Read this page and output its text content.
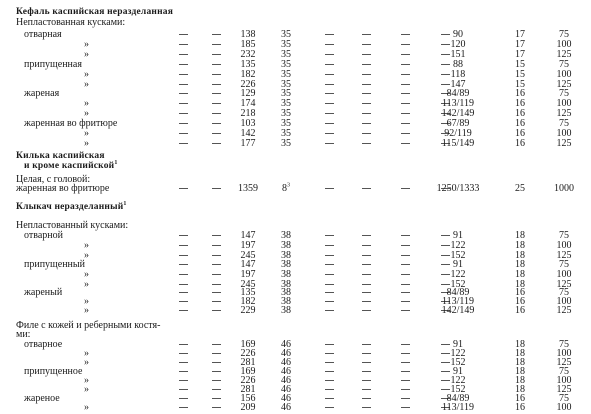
Кефаль каспийская неразделанная
Непластованная кусками:
отварная	138	35	90	17	75
»	185	35	120	17	100
»	232	35	151	17	125
припущенная	135	35	88	15	75
»	182	35	118	15	100
»	226	35	147	15	125
жареная	129	35	84/89	16	75
»	174	35	113/119	16	100
»	218	35	142/149	16	125
жаренная во фритюре	103	35	67/89	16	75
»	142	35	92/119	16	100
»	177	35	115/149	16	125
Килька каспийская
и кроме каспийской$^1$
Целая, с головой:
жаренная во фритюре	1359	$8^3$	1250/1333	25	1000
Клыкач неразделанный$^1$
Непластованный кусками:
отварной	147	38	91	18	75
»	197	38	122	18	100
»	245	38	152	18	125
припущенный	147	38	91	18	75
»	197	38	122	18	100
»	245	38	152	18	125
жареный	135	38	84/89	16	75
»	182	38	113/119	16	100
»	229	38	142/149	16	125
Филе с кожей и реберными костя-
ми:
отварное	169	46	91	18	75
»	226	46	122	18	100
»	281	46	152	18	125
припущенное	169	46	91	18	75
»	226	46	122	18	100
»	281	46	152	18	125
жареное	156	46	84/89	16	75
»	209	46	113/119	16	100
